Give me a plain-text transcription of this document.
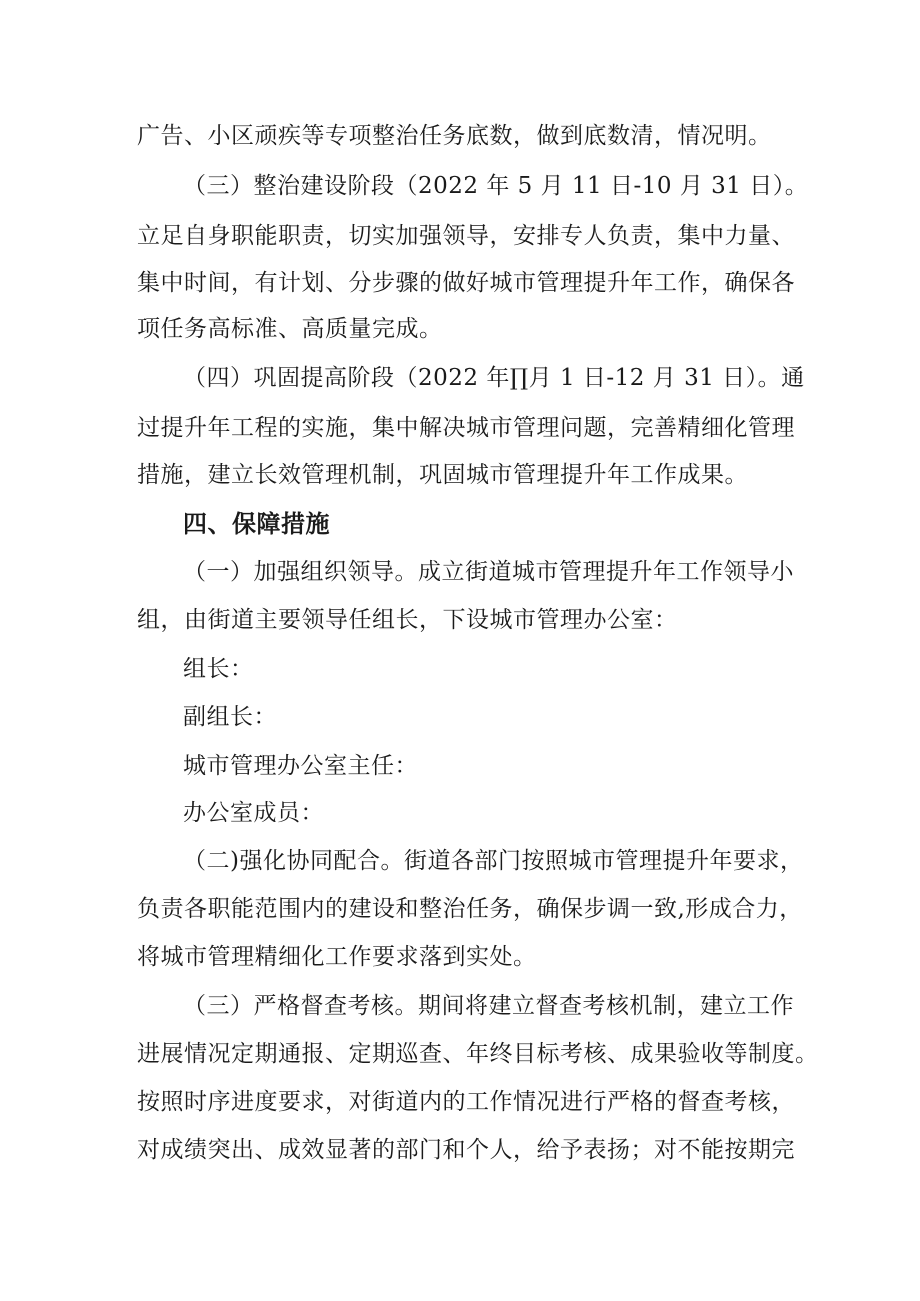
广告、小区顽疾等专项整治任务底数，做到底数清，情况明。
（三）整治建设阶段（2022 年 5 月 11 日-10 月 31 日）。
立足自身职能职责，切实加强领导，安排专人负责，集中力量、
集中时间，有计划、分步骤的做好城市管理提升年工作，确保各
项任务高标准、高质量完成。
（四）巩固提高阶段（2022 年∏月 1 日-12 月 31 日）。通
过提升年工程的实施，集中解决城市管理问题，完善精细化管理
措施，建立长效管理机制，巩固城市管理提升年工作成果。
四、保障措施
（一）加强组织领导。成立街道城市管理提升年工作领导小
组，由街道主要领导任组长，下设城市管理办公室：
组长：
副组长：
城市管理办公室主任：
办公室成员：
（二)强化协同配合。街道各部门按照城市管理提升年要求，
负责各职能范围内的建设和整治任务，确保步调一致,形成合力，
将城市管理精细化工作要求落到实处。
（三）严格督查考核。期间将建立督查考核机制，建立工作
进展情况定期通报、定期巡查、年终目标考核、成果验收等制度。
按照时序进度要求，对街道内的工作情况进行严格的督查考核，
对成绩突出、成效显著的部门和个人，给予表扬；对不能按期完
